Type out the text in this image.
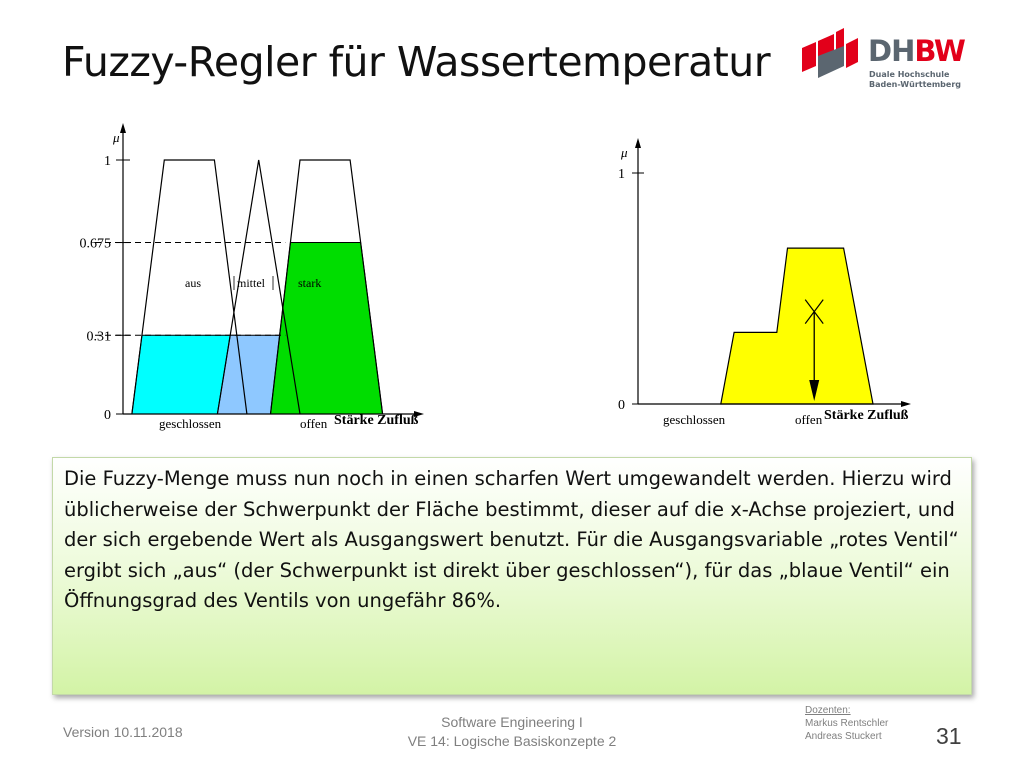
Fuzzy-Regler für Wassertemperatur	DHBW
Duale Hochschule
Baden-Württemberg
μ
0
0.31
0.675
1
Stärke Zufluß
geschlossen	offen
aus	mittel	stark
μ
0
1
Stärke Zufluß
geschlossen	offen

Die Fuzzy-Menge muss nun noch in einen scharfen Wert umgewandelt werden. Hierzu wird üblicherweise der Schwerpunkt der Fläche bestimmt, dieser auf die x-Achse projeziert, und der sich ergebende Wert als Ausgangswert benutzt. Für die Ausgangsvariable „rotes Ventil“ ergibt sich „aus“ (der Schwerpunkt ist direkt über geschlossen“), für das „blaue Ventil“ ein Öffnungsgrad des Ventils von ungefähr 86%.

Version 10.11.2018
Software Engineering I
VE 14: Logische Basiskonzepte 2
Dozenten:
Markus Rentschler
Andreas Stuckert 31
